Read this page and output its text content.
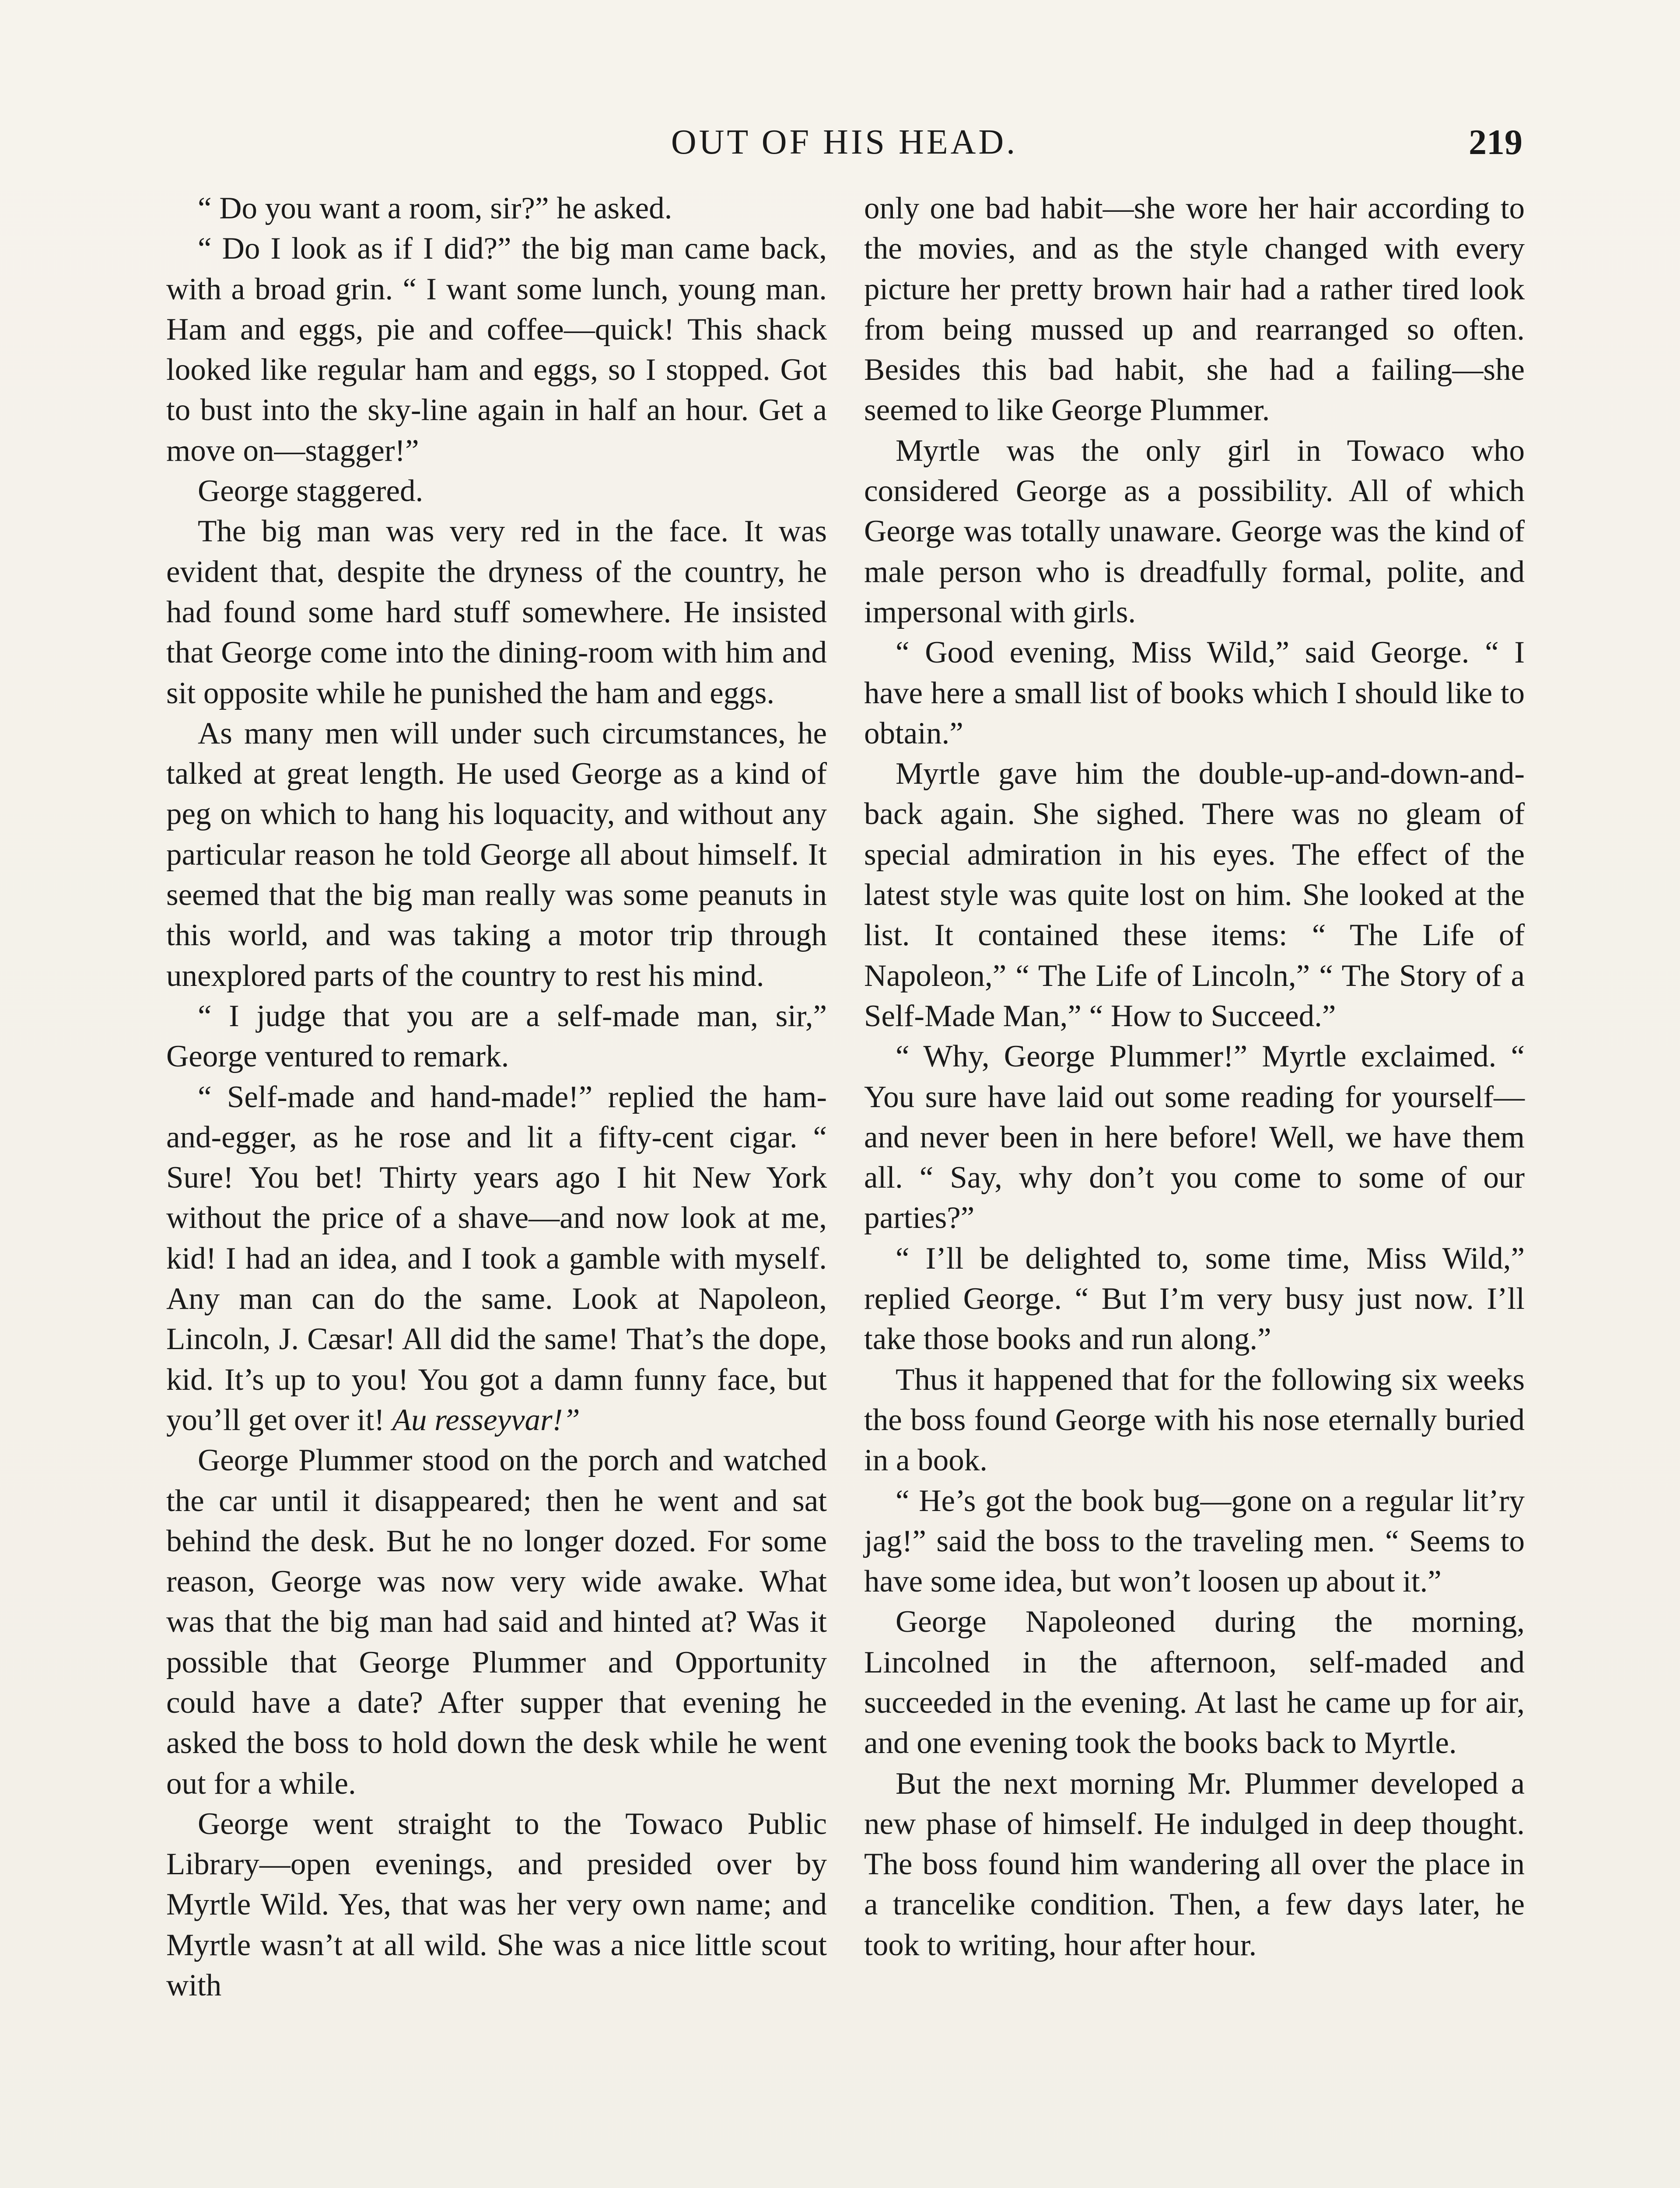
OUT OF HIS HEAD.	219

“ Do you want a room, sir?” he asked.

“ Do I look as if I did?” the big man came back, with a broad grin. “ I want some lunch, young man. Ham and eggs, pie and coffee—quick! This shack looked like regular ham and eggs, so I stopped. Got to bust into the sky-line again in half an hour. Get a move on—stagger!”

George staggered.

The big man was very red in the face. It was evident that, despite the dryness of the country, he had found some hard stuff somewhere. He insisted that George come into the dining-room with him and sit opposite while he punished the ham and eggs.

As many men will under such circumstances, he talked at great length. He used George as a kind of peg on which to hang his loquacity, and without any particular reason he told George all about himself. It seemed that the big man really was some peanuts in this world, and was taking a motor trip through unexplored parts of the country to rest his mind.

“ I judge that you are a self-made man, sir,” George ventured to remark.

“ Self-made and hand-made!” replied the ham-and-egger, as he rose and lit a fifty-cent cigar. “ Sure! You bet! Thirty years ago I hit New York without the price of a shave—and now look at me, kid! I had an idea, and I took a gamble with myself. Any man can do the same. Look at Napoleon, Lincoln, J. Cæsar! All did the same! That’s the dope, kid. It’s up to you! You got a damn funny face, but you’ll get over it! Au resseyvar!”

George Plummer stood on the porch and watched the car until it disappeared; then he went and sat behind the desk. But he no longer dozed. For some reason, George was now very wide awake. What was that the big man had said and hinted at? Was it possible that George Plummer and Opportunity could have a date? After supper that evening he asked the boss to hold down the desk while he went out for a while.

George went straight to the Towaco Public Library—open evenings, and presided over by Myrtle Wild. Yes, that was her very own name; and Myrtle wasn’t at all wild. She was a nice little scout with

only one bad habit—she wore her hair according to the movies, and as the style changed with every picture her pretty brown hair had a rather tired look from being mussed up and rearranged so often. Besides this bad habit, she had a failing—she seemed to like George Plummer.

Myrtle was the only girl in Towaco who considered George as a possibility. All of which George was totally unaware. George was the kind of male person who is dreadfully formal, polite, and impersonal with girls.

“ Good evening, Miss Wild,” said George. “ I have here a small list of books which I should like to obtain.”

Myrtle gave him the double-up-and-down-and-back again. She sighed. There was no gleam of special admiration in his eyes. The effect of the latest style was quite lost on him. She looked at the list. It contained these items: “ The Life of Napoleon,” “ The Life of Lincoln,” “ The Story of a Self-Made Man,” “ How to Succeed.”

“ Why, George Plummer!” Myrtle exclaimed. “ You sure have laid out some reading for yourself—and never been in here before! Well, we have them all. “ Say, why don’t you come to some of our parties?”

“ I’ll be delighted to, some time, Miss Wild,” replied George. “ But I’m very busy just now. I’ll take those books and run along.”

Thus it happened that for the following six weeks the boss found George with his nose eternally buried in a book.

“ He’s got the book bug—gone on a regular lit’ry jag!” said the boss to the traveling men. “ Seems to have some idea, but won’t loosen up about it.”

George Napoleoned during the morning, Lincolned in the afternoon, self-maded and succeeded in the evening. At last he came up for air, and one evening took the books back to Myrtle.

But the next morning Mr. Plummer developed a new phase of himself. He indulged in deep thought. The boss found him wandering all over the place in a trancelike condition. Then, a few days later, he took to writing, hour after hour.
